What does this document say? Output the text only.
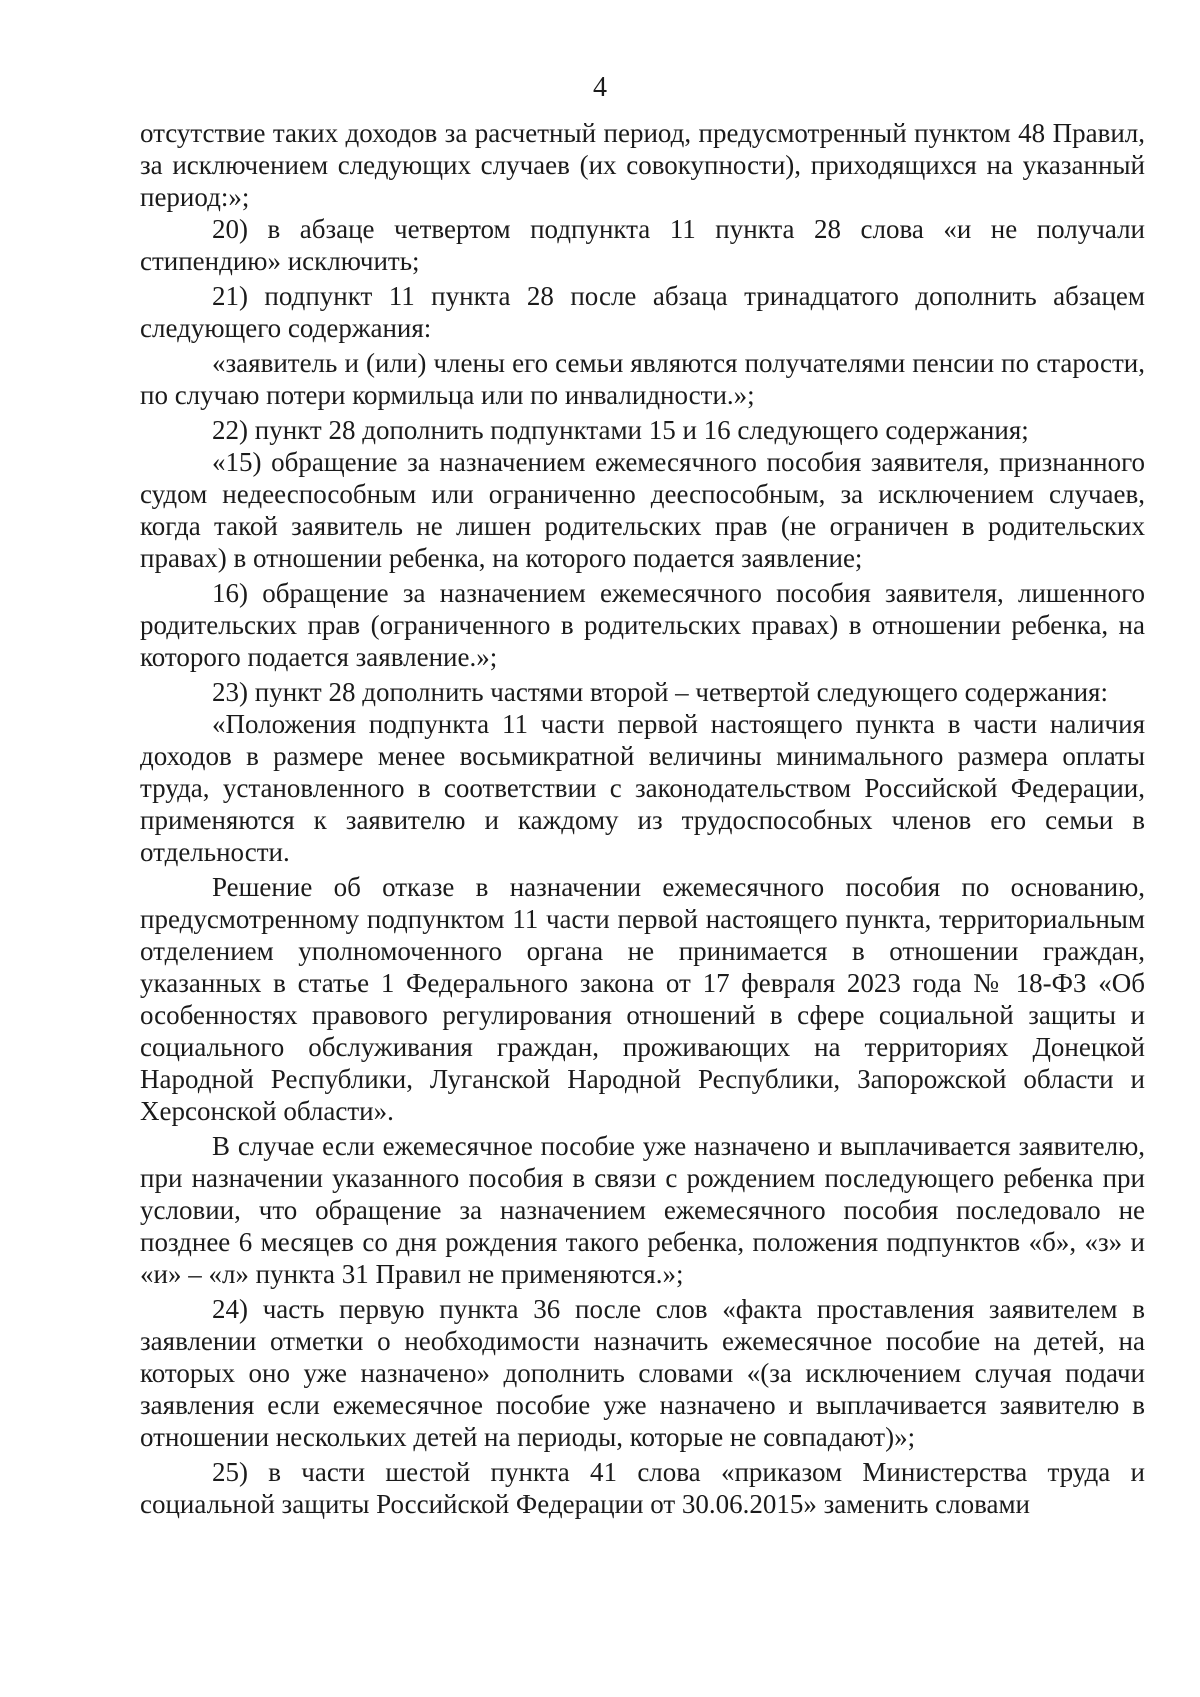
4

отсутствие таких доходов за расчетный период, предусмотренный пунктом 48 Правил, за исключением следующих случаев (их совокупности), приходящихся на указанный период:»;

20) в абзаце четвертом подпункта 11 пункта 28 слова «и не получали стипендию» исключить;

21) подпункт 11 пункта 28 после абзаца тринадцатого дополнить абзацем следующего содержания:

«заявитель и (или) члены его семьи являются получателями пенсии по старости, по случаю потери кормильца или по инвалидности.»;

22) пункт 28 дополнить подпунктами 15 и 16 следующего содержания;

«15) обращение за назначением ежемесячного пособия заявителя, признанного судом недееспособным или ограниченно дееспособным, за исключением случаев, когда такой заявитель не лишен родительских прав (не ограничен в родительских правах) в отношении ребенка, на которого подается заявление;

16) обращение за назначением ежемесячного пособия заявителя, лишенного родительских прав (ограниченного в родительских правах) в отношении ребенка, на которого подается заявление.»;

23) пункт 28 дополнить частями второй – четвертой следующего содержания:

«Положения подпункта 11 части первой настоящего пункта в части наличия доходов в размере менее восьмикратной величины минимального размера оплаты труда, установленного в соответствии с законодательством Российской Федерации, применяются к заявителю и каждому из трудоспособных членов его семьи в отдельности.

Решение об отказе в назначении ежемесячного пособия по основанию, предусмотренному подпунктом 11 части первой настоящего пункта, территориальным отделением уполномоченного органа не принимается в отношении граждан, указанных в статье 1 Федерального закона от 17 февраля 2023 года № 18-ФЗ «Об особенностях правового регулирования отношений в сфере социальной защиты и социального обслуживания граждан, проживающих на территориях Донецкой Народной Республики, Луганской Народной Республики, Запорожской области и Херсонской области».

В случае если ежемесячное пособие уже назначено и выплачивается заявителю, при назначении указанного пособия в связи с рождением последующего ребенка при условии, что обращение за назначением ежемесячного пособия последовало не позднее 6 месяцев со дня рождения такого ребенка, положения подпунктов «б», «з» и «и» – «л» пункта 31 Правил не применяются.»;

24) часть первую пункта 36 после слов «факта проставления заявителем в заявлении отметки о необходимости назначить ежемесячное пособие на детей, на которых оно уже назначено» дополнить словами «(за исключением случая подачи заявления если ежемесячное пособие уже назначено и выплачивается заявителю в отношении нескольких детей на периоды, которые не совпадают)»;

25) в части шестой пункта 41 слова «приказом Министерства труда и социальной защиты Российской Федерации от 30.06.2015» заменить словами
